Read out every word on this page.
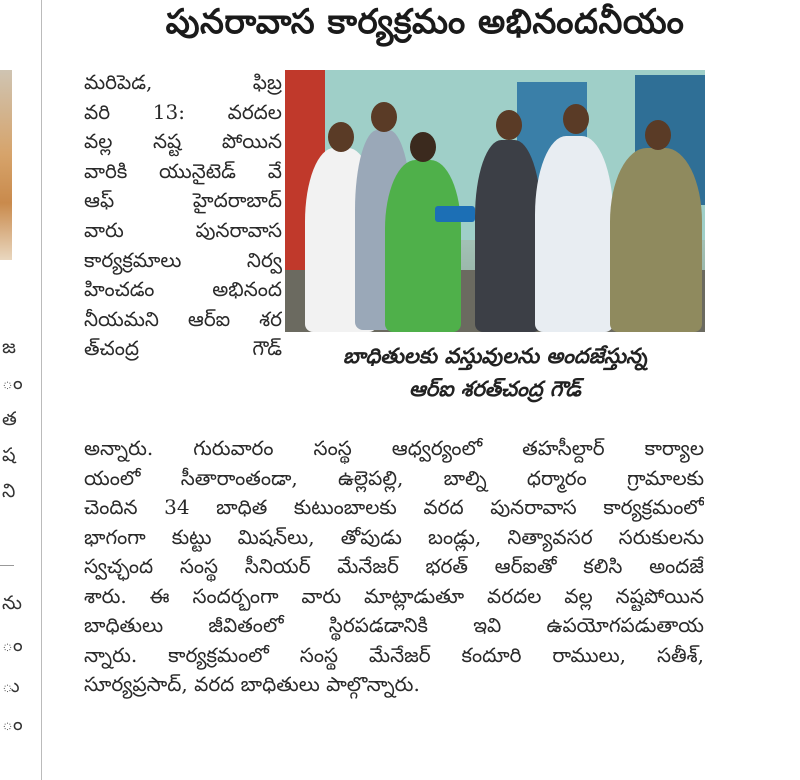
జ
ం
త
ష
ని
ను
ం
ు
ం
పునరావాస కార్యక్రమం అభినందనీయం
మరిపెడ, ఫిబ్ర
వరి 13: వరదల
వల్ల నష్ట పోయిన
వారికి యునైటెడ్ వే
ఆఫ్ హైదరాబాద్
వారు పునరావాస
కార్యక్రమాలు నిర్వ
హించడం అభినంద
నీయమని ఆర్ఐ శర
త్‌చంద్ర గౌడ్	బాధితులకు వస్తువులను అందజేస్తున్న
ఆర్ఐ శరత్‌చంద్ర గౌడ్
అన్నారు. గురువారం సంస్థ ఆధ్వర్యంలో తహసీల్దార్ కార్యాల
యంలో సీతారాంతండా, ఉల్లెపల్లి, బాల్ని ధర్మారం గ్రామాలకు
చెందిన 34 బాధిత కుటుంబాలకు వరద పునరావాస కార్యక్రమంలో
భాగంగా కుట్టు మిషన్‌లు, తోపుడు బండ్లు, నిత్యావసర సరుకులను
స్వచ్ఛంద సంస్థ సీనియర్ మేనేజర్ భరత్ ఆర్ఐతో కలిసి అందజే
శారు. ఈ సందర్భంగా వారు మాట్లాడుతూ వరదల వల్ల నష్టపోయిన
బాధితులు జీవితంలో స్థిరపడడానికి ఇవి ఉపయోగపడుతాయ
న్నారు. కార్యక్రమంలో సంస్థ మేనేజర్ కందూరి రాములు, సతీశ్,
సూర్యప్రసాద్, వరద బాధితులు పాల్గొన్నారు.
